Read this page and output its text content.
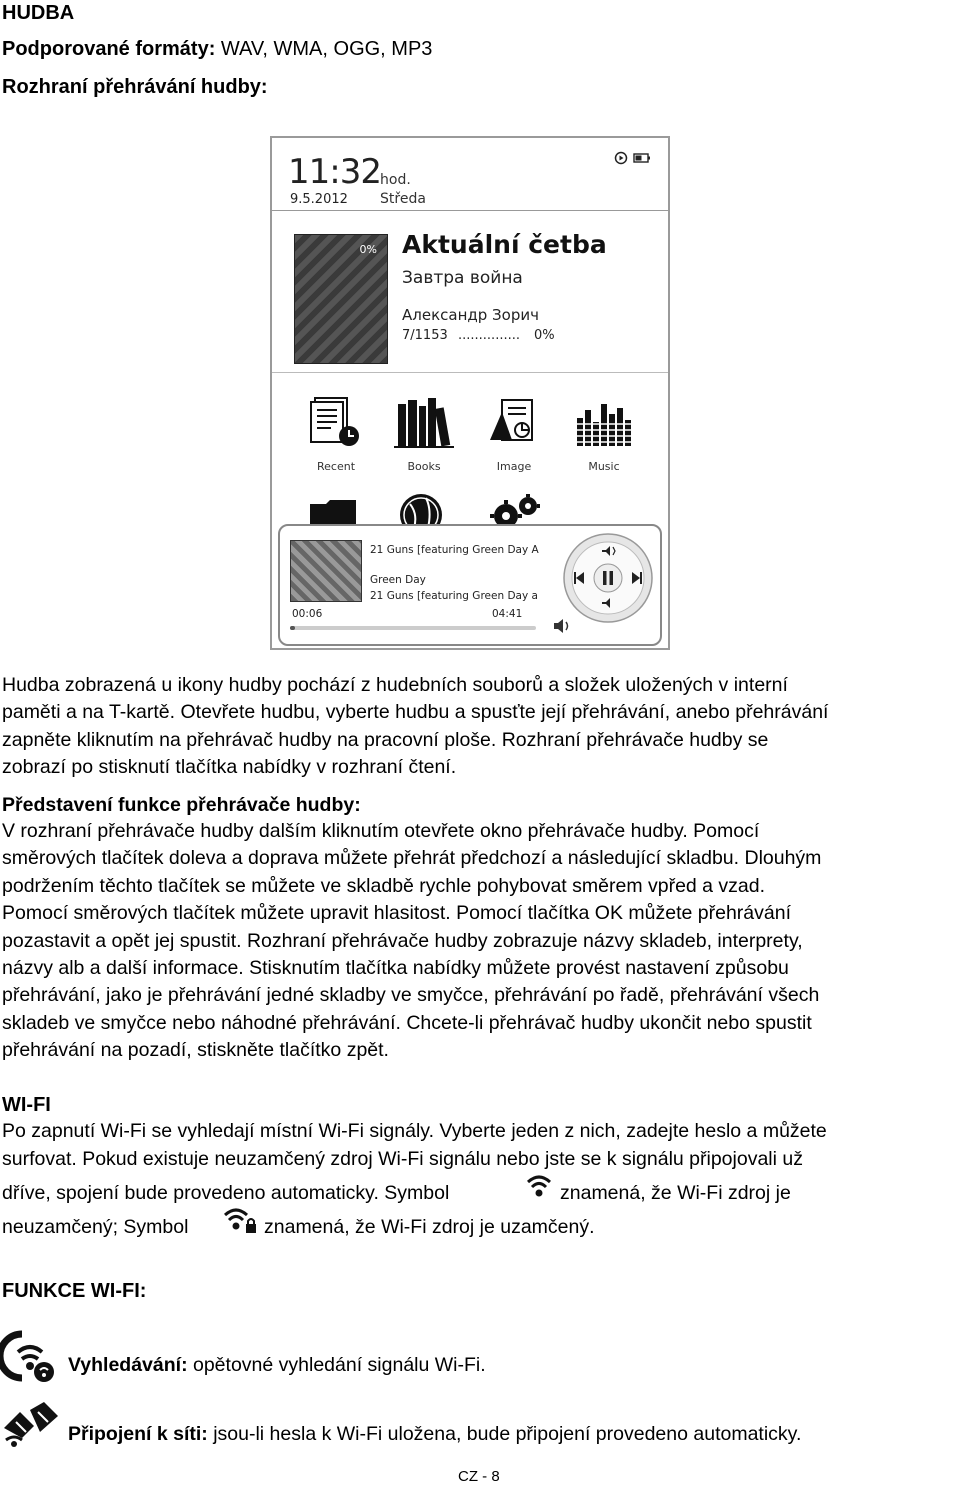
HUDBA
Podporované formáty: WAV, WMA, OGG, MP3
Rozhraní přehrávání hudby:
11:32 hod.
9.5.2012 Středa
0% Aktuální četba
Завтра война
Александр Зорич
7/1153 ............... 0%
Recent	Books	Image	Music
21 Guns [featuring Green Day A
Green Day
21 Guns [featuring Green Day a
00:06	04:41
Hudba zobrazená u ikony hudby pochází z hudebních souborů a složek uložených v interní
paměti a na T-kartě. Otevřete hudbu, vyberte hudbu a spusťte její přehrávání, anebo přehrávání
zapněte kliknutím na přehrávač hudby na pracovní ploše. Rozhraní přehrávače hudby se
zobrazí po stisknutí tlačítka nabídky v rozhraní čtení.
Představení funkce přehrávače hudby:
V rozhraní přehrávače hudby dalším kliknutím otevřete okno přehrávače hudby. Pomocí
směrových tlačítek doleva a doprava můžete přehrát předchozí a následující skladbu. Dlouhým
podržením těchto tlačítek se můžete ve skladbě rychle pohybovat směrem vpřed a vzad.
Pomocí směrových tlačítek můžete upravit hlasitost. Pomocí tlačítka OK můžete přehrávání
pozastavit a opět jej spustit. Rozhraní přehrávače hudby zobrazuje názvy skladeb, interprety,
názvy alb a další informace. Stisknutím tlačítka nabídky můžete provést nastavení způsobu
přehrávání, jako je přehrávání jedné skladby ve smyčce, přehrávání po řadě, přehrávání všech
skladeb ve smyčce nebo náhodné přehrávání. Chcete-li přehrávač hudby ukončit nebo spustit
přehrávání na pozadí, stiskněte tlačítko zpět.
WI-FI
Po zapnutí Wi-Fi se vyhledají místní Wi-Fi signály. Vyberte jeden z nich, zadejte heslo a můžete
surfovat. Pokud existuje neuzamčený zdroj Wi-Fi signálu nebo jste se k signálu připojovali už
dříve, spojení bude provedeno automaticky. Symbol	znamená, že Wi-Fi zdroj je
neuzamčený; Symbol	znamená, že Wi-Fi zdroj je uzamčený.
FUNKCE WI-FI:
Vyhledávání: opětovné vyhledání signálu Wi-Fi.
Připojení k síti: jsou-li hesla k Wi-Fi uložena, bude připojení provedeno automaticky.
CZ - 8
